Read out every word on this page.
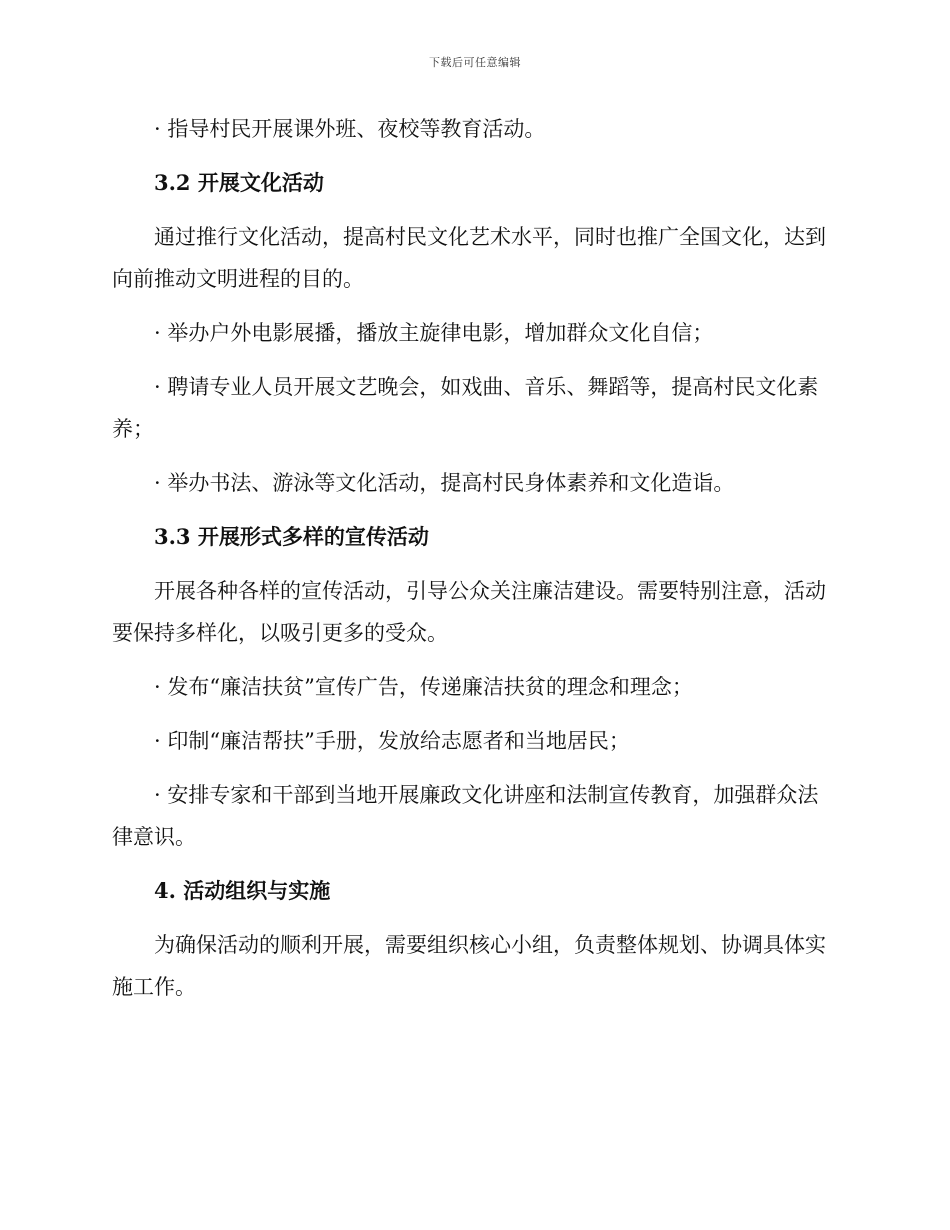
下载后可任意编辑

· 指导村民开展课外班、夜校等教育活动。

3.2 开展文化活动

通过推行文化活动，提高村民文化艺术水平，同时也推广全国文化，达到向前推动文明进程的目的。

· 举办户外电影展播，播放主旋律电影，增加群众文化自信；

· 聘请专业人员开展文艺晚会，如戏曲、音乐、舞蹈等，提高村民文化素养；

· 举办书法、游泳等文化活动，提高村民身体素养和文化造诣。

3.3 开展形式多样的宣传活动

开展各种各样的宣传活动，引导公众关注廉洁建设。需要特别注意，活动要保持多样化，以吸引更多的受众。

· 发布“廉洁扶贫”宣传广告，传递廉洁扶贫的理念和理念；

· 印制“廉洁帮扶”手册，发放给志愿者和当地居民；

· 安排专家和干部到当地开展廉政文化讲座和法制宣传教育，加强群众法律意识。

4. 活动组织与实施

为确保活动的顺利开展，需要组织核心小组，负责整体规划、协调具体实施工作。
